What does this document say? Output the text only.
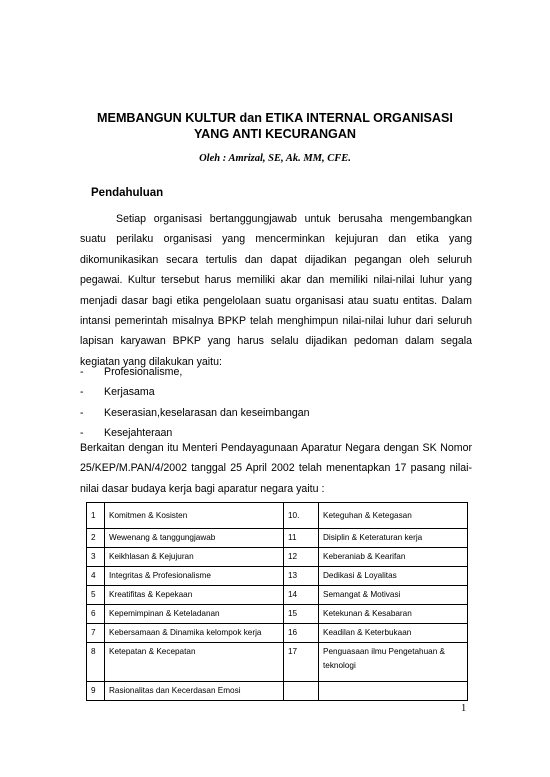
MEMBANGUN KULTUR dan ETIKA INTERNAL ORGANISASI
YANG ANTI KECURANGAN
Oleh : Amrizal, SE, Ak. MM, CFE.
Pendahuluan

Setiap organisasi bertanggungjawab untuk berusaha mengembangkan suatu perilaku organisasi yang mencerminkan kejujuran dan etika yang dikomunikasikan secara tertulis dan dapat dijadikan pegangan oleh seluruh pegawai. Kultur tersebut harus memiliki akar dan memiliki nilai-nilai luhur yang menjadi dasar bagi etika pengelolaan suatu organisasi atau suatu entitas. Dalam intansi pemerintah misalnya BPKP telah menghimpun nilai-nilai luhur dari seluruh lapisan karyawan BPKP yang harus selalu dijadikan pedoman dalam segala kegiatan yang dilakukan yaitu:

- Profesionalisme,
- Kerjasama
- Keserasian,keselarasan dan keseimbangan
- Kesejahteraan

Berkaitan dengan itu Menteri Pendayagunaan Aparatur Negara dengan SK Nomor 25/KEP/M.PAN/4/2002 tanggal 25 April 2002 telah menentapkan 17 pasang nilai-nilai dasar budaya kerja bagi aparatur negara yaitu :

1	Komitmen & Kosisten	10.	Keteguhan & Ketegasan
2	Wewenang & tanggungjawab	11	Disiplin & Keteraturan kerja
3	Keikhlasan & Kejujuran	12	Keberaniab & Kearifan
4	Integritas & Profesionalisme	13	Dedikasi & Loyalitas
5	Kreatifitas & Kepekaan	14	Semangat & Motivasi
6	Kepemimpinan & Keteladanan	15	Ketekunan & Kesabaran
7	Kebersamaan & Dinamika kelompok kerja	16	Keadilan & Keterbukaan
8	Ketepatan & Kecepatan	17	Penguasaan ilmu Pengetahuan & teknologi
9	Rasionalitas dan Kecerdasan Emosi		
1
